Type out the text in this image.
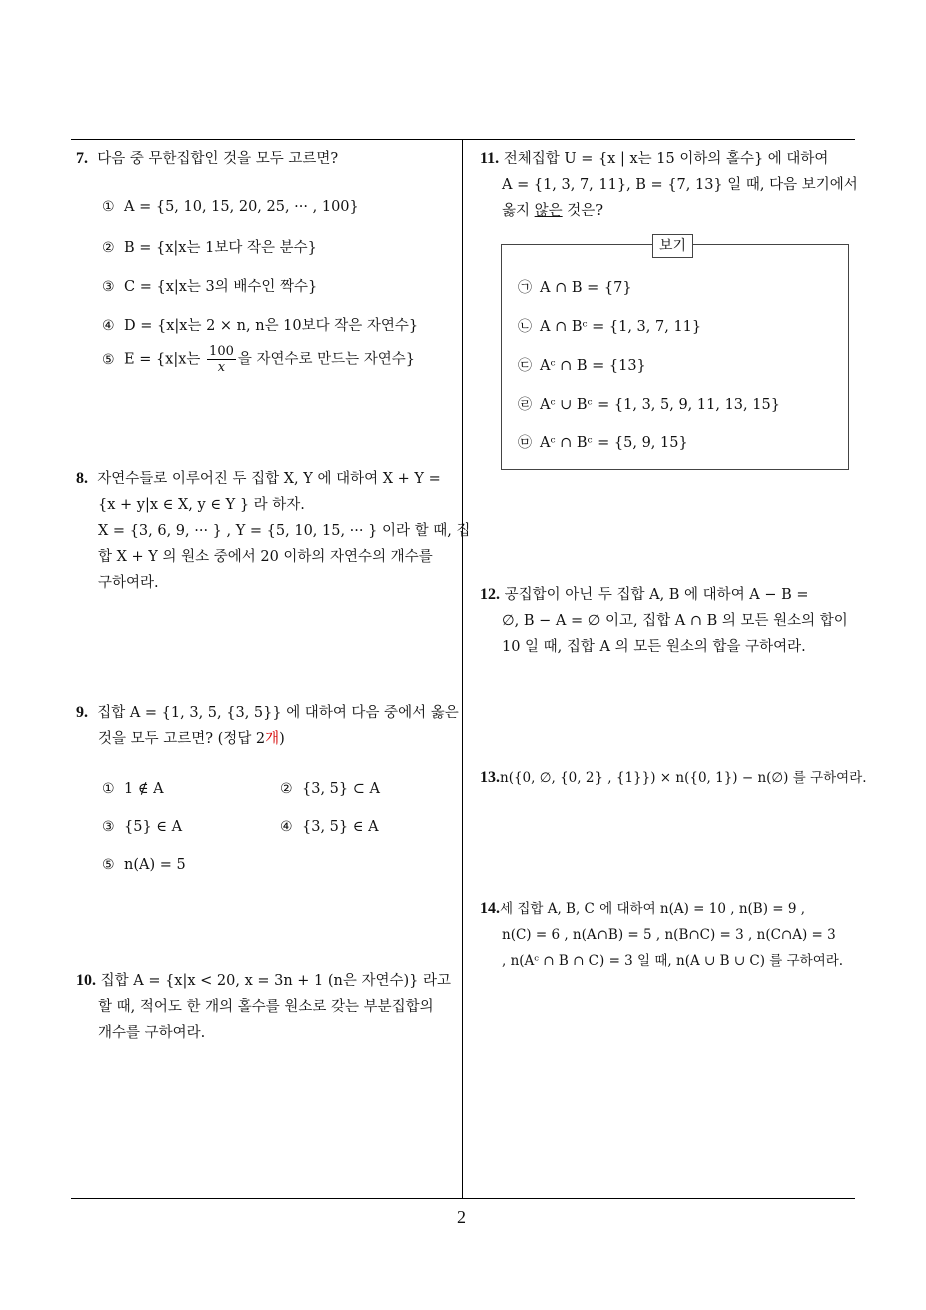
7. 다음 중 무한집합인 것을 모두 고르면?
① A = {5, 10, 15, 20, 25, ··· , 100}
② B = {x|x는 1보다 작은 분수}
③ C = {x|x는 3의 배수인 짝수}
④ D = {x|x는 2 × n, n은 10보다 작은 자연수}
⑤ E = {x|x는 $\frac{100}{x}$ 을 자연수로 만드는 자연수}
8. 자연수들로 이루어진 두 집합 X, Y 에 대하여 X + Y =
{x + y|x ∈ X, y ∈ Y } 라 하자.
X = {3, 6, 9, ··· } , Y = {5, 10, 15, ··· } 이라 할 때, 집
합 X + Y 의 원소 중에서 20 이하의 자연수의 개수를
구하여라.
9. 집합 A = {1, 3, 5, {3, 5}} 에 대하여 다음 중에서 옳은
것을 모두 고르면? (정답 2개)
① 1 ∉ A	② {3, 5} ⊂ A
③ {5} ∈ A	④ {3, 5} ∈ A
⑤ n(A) = 5
10. 집합 A = {x|x < 20, x = 3n + 1 (n은 자연수)} 라고
할 때, 적어도 한 개의 홀수를 원소로 갖는 부분집합의
개수를 구하여라.
11. 전체집합 U = {x | x는 15 이하의 홀수} 에 대하여
A = {1, 3, 7, 11}, B = {7, 13} 일 때, 다음 보기에서
옳지 않은 것은?
보기
㉠ A ∩ B = {7}
㉡ A ∩ Bᶜ = {1, 3, 7, 11}
㉢ Aᶜ ∩ B = {13}
㉣ Aᶜ ∪ Bᶜ = {1, 3, 5, 9, 11, 13, 15}
㉤ Aᶜ ∩ Bᶜ = {5, 9, 15}
12. 공집합이 아닌 두 집합 A, B 에 대하여 A − B =
∅, B − A = ∅ 이고, 집합 A ∩ B 의 모든 원소의 합이
10 일 때, 집합 A 의 모든 원소의 합을 구하여라.
13.n({0, ∅, {0, 2} , {1}}) × n({0, 1}) − n(∅) 를 구하여라.
14.세 집합 A, B, C 에 대하여 n(A) = 10 , n(B) = 9 ,
n(C) = 6 , n(A∩B) = 5 , n(B∩C) = 3 , n(C∩A) = 3
, n(Aᶜ ∩ B ∩ C) = 3 일 때, n(A ∪ B ∪ C) 를 구하여라.
2
